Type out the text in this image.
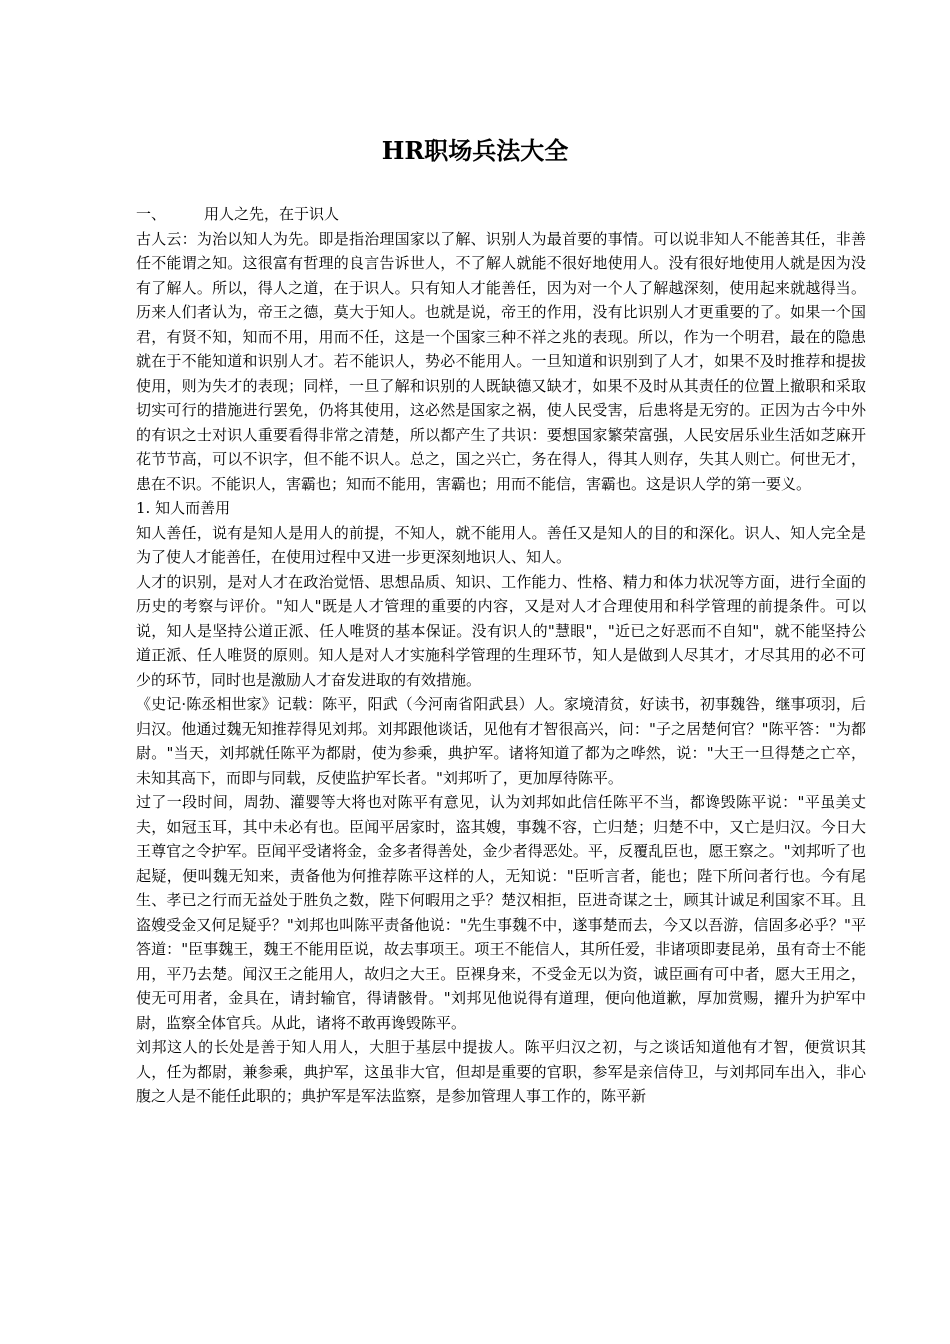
HR职场兵法大全

一、	用人之先，在于识人

古人云：为治以知人为先。即是指治理国家以了解、识别人为最首要的事情。可以说非知人不能善其任，非善任不能谓之知。这很富有哲理的良言告诉世人，不了解人就能不很好地使用人。没有很好地使用人就是因为没有了解人。所以，得人之道，在于识人。只有知人才能善任，因为对一个人了解越深刻，使用起来就越得当。历来人们者认为，帝王之德，莫大于知人。也就是说，帝王的作用，没有比识别人才更重要的了。如果一个国君，有贤不知，知而不用，用而不任，这是一个国家三种不祥之兆的表现。所以，作为一个明君，最在的隐患就在于不能知道和识别人才。若不能识人，势必不能用人。一旦知道和识别到了人才，如果不及时推荐和提拔使用，则为失才的表现；同样，一旦了解和识别的人既缺德又缺才，如果不及时从其责任的位置上撤职和采取切实可行的措施进行罢免，仍将其使用，这必然是国家之祸，使人民受害，后患将是无穷的。正因为古今中外的有识之士对识人重要看得非常之清楚，所以都产生了共识：要想国家繁荣富强，人民安居乐业生活如芝麻开花节节高，可以不识字，但不能不识人。总之，国之兴亡，务在得人，得其人则存，失其人则亡。何世无才，患在不识。不能识人，害霸也；知而不能用，害霸也；用而不能信，害霸也。这是识人学的第一要义。

1. 知人而善用

知人善任，说有是知人是用人的前提，不知人，就不能用人。善任又是知人的目的和深化。识人、知人完全是为了使人才能善任，在使用过程中又进一步更深刻地识人、知人。

人才的识别，是对人才在政治觉悟、思想品质、知识、工作能力、性格、精力和体力状况等方面，进行全面的历史的考察与评价。"知人"既是人才管理的重要的内容，又是对人才合理使用和科学管理的前提条件。可以说，知人是坚持公道正派、任人唯贤的基本保证。没有识人的"慧眼"，"近已之好恶而不自知"，就不能坚持公道正派、任人唯贤的原则。知人是对人才实施科学管理的生理环节，知人是做到人尽其才，才尽其用的必不可少的环节，同时也是激励人才奋发进取的有效措施。

《史记·陈丞相世家》记载：陈平，阳武（今河南省阳武县）人。家境清贫，好读书，初事魏咎，继事项羽，后归汉。他通过魏无知推荐得见刘邦。刘邦跟他谈话，见他有才智很高兴，问："子之居楚何官？"陈平答："为都尉。"当天，刘邦就任陈平为都尉，使为参乘，典护军。诸将知道了都为之哗然，说："大王一旦得楚之亡卒，未知其高下，而即与同载，反使监护军长者。"刘邦听了，更加厚待陈平。

过了一段时间，周勃、灌婴等大将也对陈平有意见，认为刘邦如此信任陈平不当，都谗毁陈平说："平虽美丈夫，如冠玉耳，其中未必有也。臣闻平居家时，盗其嫂，事魏不容，亡归楚；归楚不中，又亡是归汉。今日大王尊官之令护军。臣闻平受诸将金，金多者得善处，金少者得恶处。平，反覆乱臣也，愿王察之。"刘邦听了也起疑，便叫魏无知来，责备他为何推荐陈平这样的人，无知说："臣听言者，能也；陛下所问者行也。今有尾生、孝已之行而无益处于胜负之数，陛下何暇用之乎？楚汉相拒，臣进奇谋之士，顾其计诚足利国家不耳。且盗嫂受金又何足疑乎？"刘邦也叫陈平责备他说："先生事魏不中，遂事楚而去，今又以吾游，信固多必乎？"平答道："臣事魏王，魏王不能用臣说，故去事项王。项王不能信人，其所任爱，非诸项即妻昆弟，虽有奇士不能用，平乃去楚。闻汉王之能用人，故归之大王。臣裸身来，不受金无以为资，诚臣画有可中者，愿大王用之，使无可用者，金具在，请封输官，得请骸骨。"刘邦见他说得有道理，便向他道歉，厚加赏赐，擢升为护军中尉，监察全体官兵。从此，诸将不敢再谗毁陈平。

刘邦这人的长处是善于知人用人，大胆于基层中提拔人。陈平归汉之初，与之谈话知道他有才智，便赏识其人，任为都尉，兼参乘，典护军，这虽非大官，但却是重要的官职，参军是亲信侍卫，与刘邦同车出入，非心腹之人是不能任此职的；典护军是军法监察，是参加管理人事工作的，陈平新
